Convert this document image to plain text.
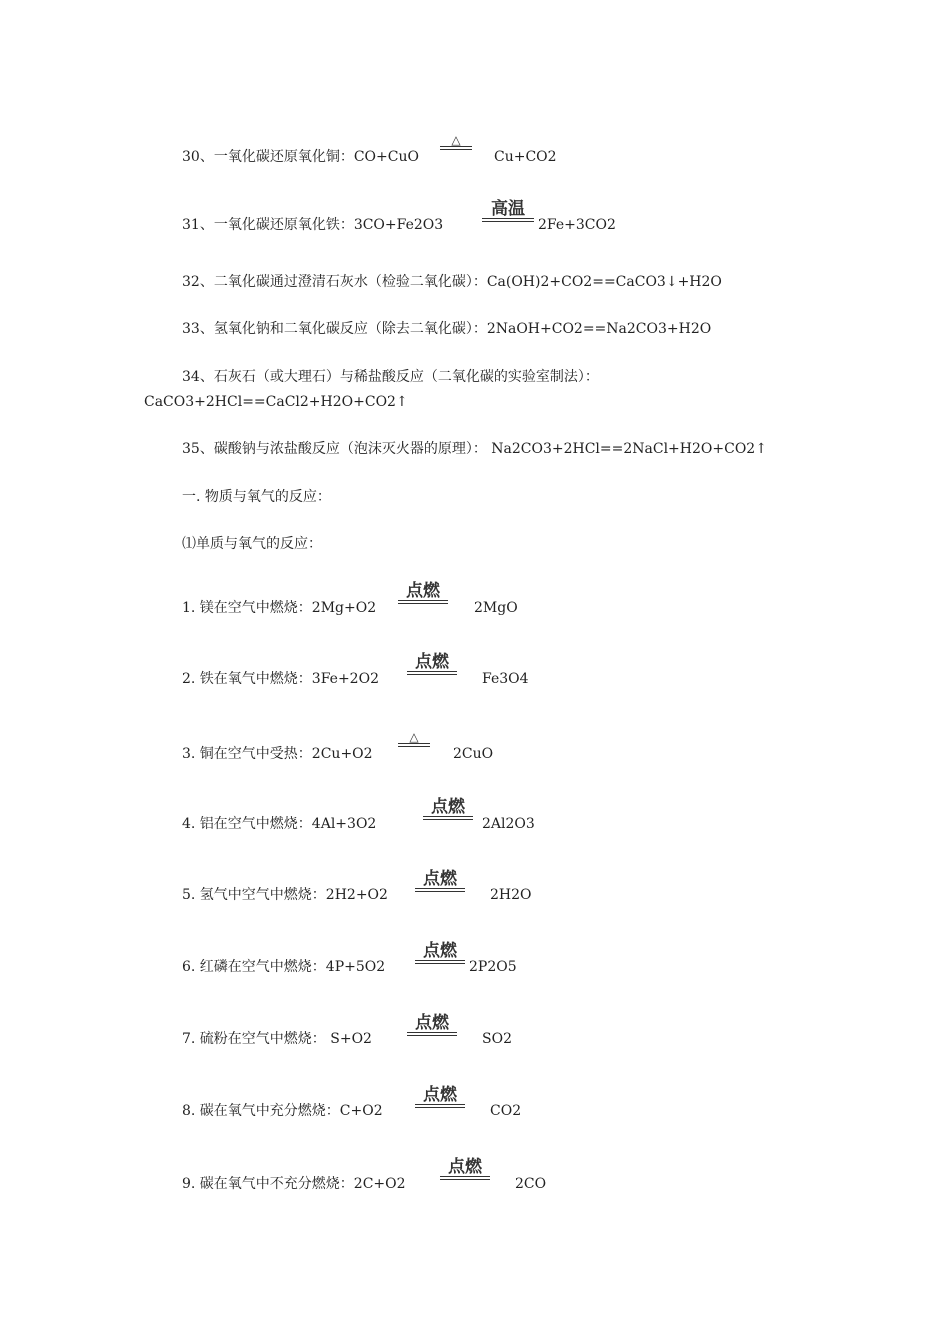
30、一氧化碳还原氧化铜：CO+CuO
△
Cu+CO2
31、一氧化碳还原氧化铁：3CO+Fe2O3
高温
2Fe+3CO2
32、二氧化碳通过澄清石灰水（检验二氧化碳）：Ca(OH)2+CO2==CaCO3↓+H2O
33、氢氧化钠和二氧化碳反应（除去二氧化碳）：2NaOH+CO2==Na2CO3+H2O
34、石灰石（或大理石）与稀盐酸反应（二氧化碳的实验室制法）：
CaCO3+2HCl==CaCl2+H2O+CO2↑
35、碳酸钠与浓盐酸反应（泡沫灭火器的原理）： Na2CO3+2HCl==2NaCl+H2O+CO2↑
一. 物质与氧气的反应：
⑴单质与氧气的反应：
1. 镁在空气中燃烧：2Mg+O2
点燃
2MgO
2. 铁在氧气中燃烧：3Fe+2O2
点燃
Fe3O4
3. 铜在空气中受热：2Cu+O2
△
2CuO
4. 铝在空气中燃烧：4Al+3O2
点燃
2Al2O3
5. 氢气中空气中燃烧：2H2+O2
点燃
2H2O
6. 红磷在空气中燃烧：4P+5O2
点燃
2P2O5
7. 硫粉在空气中燃烧： S+O2
点燃
SO2
8. 碳在氧气中充分燃烧：C+O2
点燃
CO2
9. 碳在氧气中不充分燃烧：2C+O2
点燃
2CO
